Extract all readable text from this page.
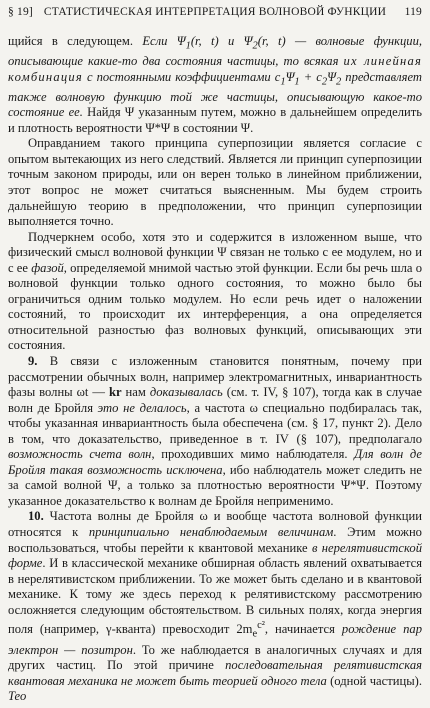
§ 19] СТАТИСТИЧЕСКАЯ ИНТЕРПРЕТАЦИЯ ВОЛНОВОЙ ФУНКЦИИ	119

щийся в следующем. Если $\Psi_1(r$, t) и $\Psi_2(r$, t) — волновые функции, описывающие какие-то два состояния частицы, то всякая их линейная комбинация с постоянными коэффициентами $c_1\Psi_1 + c_2\Psi_2$ представляет также волновую функцию той же частицы, описывающую какое-то состояние ее. Найдя Ψ указанным путем, можно в дальнейшем определить и плотность вероятности Ψ*Ψ в состоянии Ψ.

Оправданием такого принципа суперпозиции является согласие с опытом вытекающих из него следствий. Является ли принцип суперпозиции точным законом природы, или он верен только в линейном приближении, этот вопрос не может считаться выясненным. Мы будем строить дальнейшую теорию в предположении, что принцип суперпозиции выполняется точно.

Подчеркнем особо, хотя это и содержится в изложенном выше, что физический смысл волновой функции Ψ связан не только с ее модулем, но и с ее фазой, определяемой мнимой частью этой функции. Если бы речь шла о волновой функции только одного состояния, то можно было бы ограничиться одним только модулем. Но если речь идет о наложении состояний, то происходит их интерференция, а она определяется относительной разностью фаз волновых функций, описывающих эти состояния.

9. В связи с изложенным становится понятным, почему при рассмотрении обычных волн, например электромагнитных, инвариантность фазы волны ωt — kr нам доказывалась (см. т. IV, § 107), тогда как в случае волн де Бройля это не делалось, а частота ω специально подбиралась так, чтобы указанная инвариантность была обеспечена (см. § 17, пункт 2). Дело в том, что доказательство, приведенное в т. IV (§ 107), предполагало возможность счета волн, проходивших мимо наблюдателя. Для волн де Бройля такая возможность исключена, ибо наблюдатель может следить не за самой волной Ψ, а только за плотностью вероятности Ψ*Ψ. Поэтому указанное доказательство к волнам де Бройля неприменимо.

10. Частота волны де Бройля ω и вообще частота волновой функции относятся к принципиально ненаблюдаемым величинам. Этим можно воспользоваться, чтобы перейти к квантовой механике в нерелятивистской форме. И в классической механике обширная область явлений охватывается в нерелятивистском приближении. То же может быть сделано и в квантовой механике. К тому же здесь переход к релятивистскому рассмотрению осложняется следующим обстоятельством. В сильных полях, когда энергия поля (например, γ-кванта) превосходит $2m_e^{c^2}$, начинается рождение пар электрон — позитрон. То же наблюдается в аналогичных случаях и для других частиц. По этой причине последовательная релятивистская квантовая механика не может быть теорией одного тела (одной частицы). Тео
